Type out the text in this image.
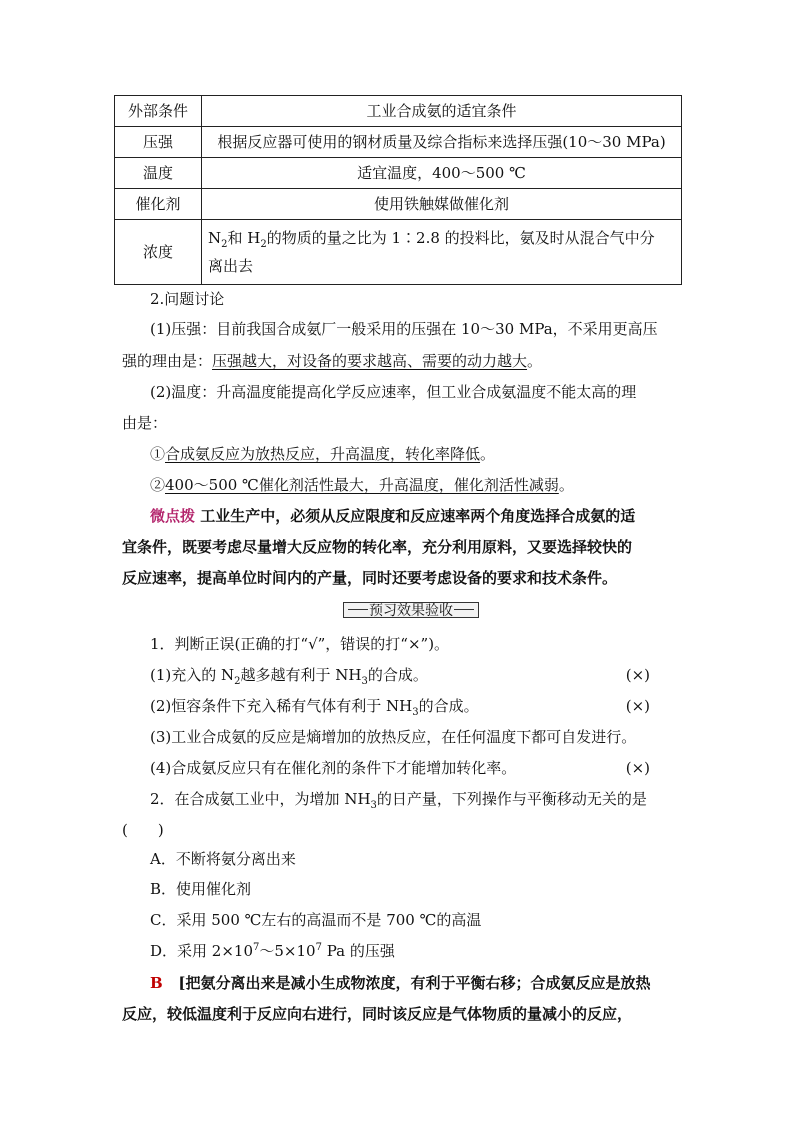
外部条件	工业合成氨的适宜条件
压强	根据反应器可使用的钢材质量及综合指标来选择压强(10～30 MPa)
温度	适宜温度，400～500 ℃
催化剂	使用铁触媒做催化剂
浓度	$N_2$和 $H_2$的物质的量之比为 1∶2.8 的投料比，氨及时从混合气中分
离出去
2.问题讨论
(1)压强：目前我国合成氨厂一般采用的压强在 10～30 MPa，不采用更高压
强的理由是：压强越大，对设备的要求越高、需要的动力越大。
(2)温度：升高温度能提高化学反应速率，但工业合成氨温度不能太高的理
由是：
①合成氨反应为放热反应，升高温度，转化率降低。
②400～500 ℃催化剂活性最大，升高温度，催化剂活性减弱。
微点拨 工业生产中，必须从反应限度和反应速率两个角度选择合成氨的适
宜条件，既要考虑尽量增大反应物的转化率，充分利用原料，又要选择较快的
反应速率，提高单位时间内的产量，同时还要考虑设备的要求和技术条件。
预习效果验收
1．判断正误(正确的打“√”，错误的打“×”)。
(1)充入的 $N_2$越多越有利于 $NH_3$的合成。	(×)
(2)恒容条件下充入稀有气体有利于 $NH_3$的合成。	(×)
(3)工业合成氨的反应是熵增加的放热反应，在任何温度下都可自发进行。
(4)合成氨反应只有在催化剂的条件下才能增加转化率。	(×)
2．在合成氨工业中，为增加 $NH_3$的日产量，下列操作与平衡移动无关的是
(　　)
A．不断将氨分离出来
B．使用催化剂
C．采用 500 ℃左右的高温而不是 700 ℃的高温
D．采用 $2\times 10^7\sim 5\times 10^7$ Pa 的压强
B [把氨分离出来是减小生成物浓度，有利于平衡右移；合成氨反应是放热
反应，较低温度利于反应向右进行，同时该反应是气体物质的量减小的反应，
